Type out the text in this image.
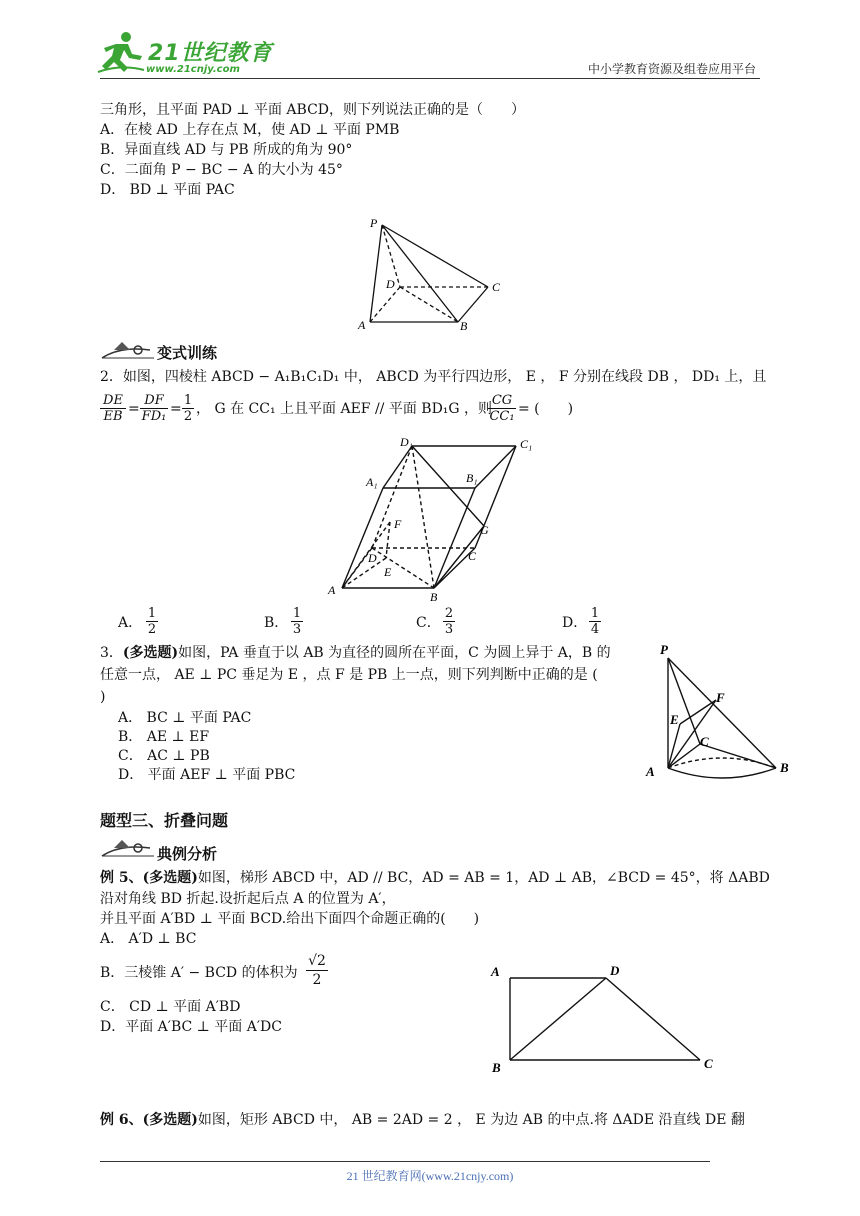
21世纪教育
www.21cnjy.com	中小学教育资源及组卷应用平台
三角形，且平面 PAD ⊥ 平面 ABCD，则下列说法正确的是（　　）
A．在棱 AD 上存在点 M，使 AD ⊥ 平面 PMB
B．异面直线 AD 与 PB 所成的角为 90°
C．二面角 P − BC − A 的大小为 45°
D． BD ⊥ 平面 PAC
P
D	C
A	B
变式训练
2．如图，四棱柱 ABCD − A₁B₁C₁D₁ 中， ABCD 为平行四边形， E ， F 分别在线段 DB ， DD₁ 上，且
$\frac{DE}{EB} = \frac{DF}{\text{FD₁}} = \frac{1}{2}$ ， G 在 CC₁ 上且平面 AEF // 平面 BD₁G ，则
$\frac{CG}{\text{CC₁}}$ = (　　)
D₁	C₁
A₁	B₁
F	G
D	C
E
A	B
A． $\frac{1}{2}$	B． $\frac{1}{3}$	C． $\frac{2}{3}$	D． $\frac{1}{4}$
3．(多选题)如图，PA 垂直于以 AB 为直径的圆所在平面，C 为圆上异于 A，B 的
任意一点， AE ⊥ PC 垂足为 E ，点 F 是 PB 上一点，则下列判断中正确的是 (
)
A． BC ⊥ 平面 PAC
B． AE ⊥ EF
C． AC ⊥ PB
D． 平面 AEF ⊥ 平面 PBC
P
F
E
C
A	B
题型三、折叠问题
典例分析
例 5、(多选题)如图，梯形 ABCD 中，AD // BC，AD = AB = 1，AD ⊥ AB，∠BCD = 45°，将 ΔABD
沿对角线 BD 折起.设折起后点 A 的位置为 A′，
并且平面 A′BD ⊥ 平面 BCD.给出下面四个命题正确的(　　)
A． A′D ⊥ BC
B．三棱锥 A′ − BCD 的体积为 $\frac{√2}{2}$
C． CD ⊥ 平面 A′BD
D．平面 A′BC ⊥ 平面 A′DC
A	D
B	C
例 6、(多选题)如图，矩形 ABCD 中， AB = 2AD = 2 ， E 为边 AB 的中点.将 ΔADE 沿直线 DE 翻
21 世纪教育网(www.21cnjy.com)
